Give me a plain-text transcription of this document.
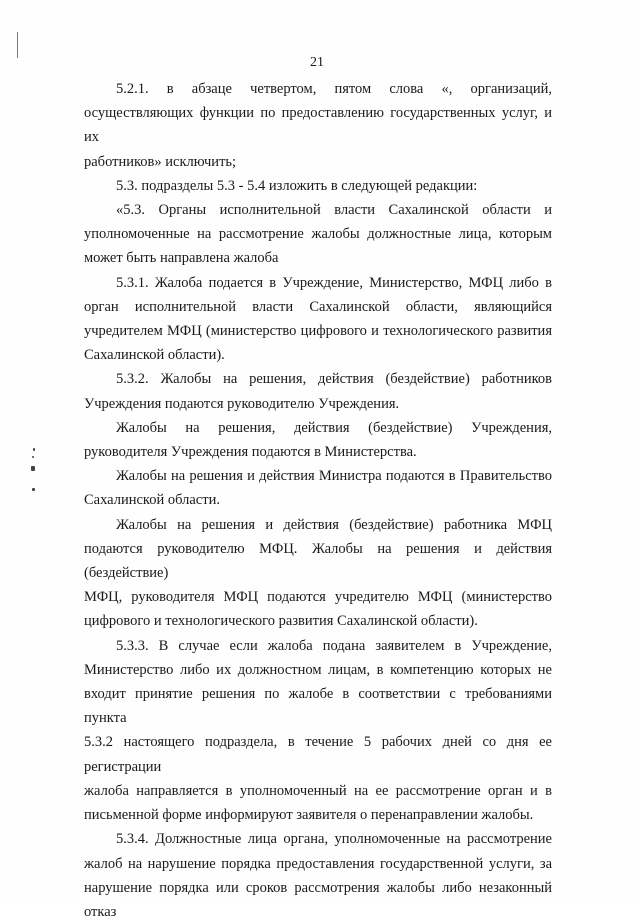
21

5.2.1. в абзаце четвертом, пятом слова «, организаций,

осуществляющих функции по предоставлению государственных услуг, и их

работников» исключить;

5.3. подразделы 5.3 - 5.4 изложить в следующей редакции:

«5.3. Органы исполнительной власти Сахалинской области и

уполномоченные на рассмотрение жалобы должностные лица, которым

может быть направлена жалоба

5.3.1. Жалоба подается в Учреждение, Министерство, МФЦ либо в

орган исполнительной власти Сахалинской области, являющийся

учредителем МФЦ (министерство цифрового и технологического развития

Сахалинской области).

5.3.2. Жалобы на решения, действия (бездействие) работников

Учреждения подаются руководителю Учреждения.

Жалобы на решения, действия (бездействие) Учреждения,

руководителя Учреждения подаются в Министерства.

Жалобы на решения и действия Министра подаются в Правительство

Сахалинской области.

Жалобы на решения и действия (бездействие) работника МФЦ

подаются руководителю МФЦ. Жалобы на решения и действия (бездействие)

МФЦ, руководителя МФЦ подаются учредителю МФЦ (министерство

цифрового и технологического развития Сахалинской области).

5.3.3. В случае если жалоба подана заявителем в Учреждение,

Министерство либо их должностном лицам, в компетенцию которых не

входит принятие решения по жалобе в соответствии с требованиями пункта

5.3.2 настоящего подраздела, в течение 5 рабочих дней со дня ее регистрации

жалоба направляется в уполномоченный на ее рассмотрение орган и в

письменной форме информируют заявителя о перенаправлении жалобы.

5.3.4. Должностные лица органа, уполномоченные на рассмотрение

жалоб на нарушение порядка предоставления государственной услуги, за

нарушение порядка или сроков рассмотрения жалобы либо незаконный отказ
